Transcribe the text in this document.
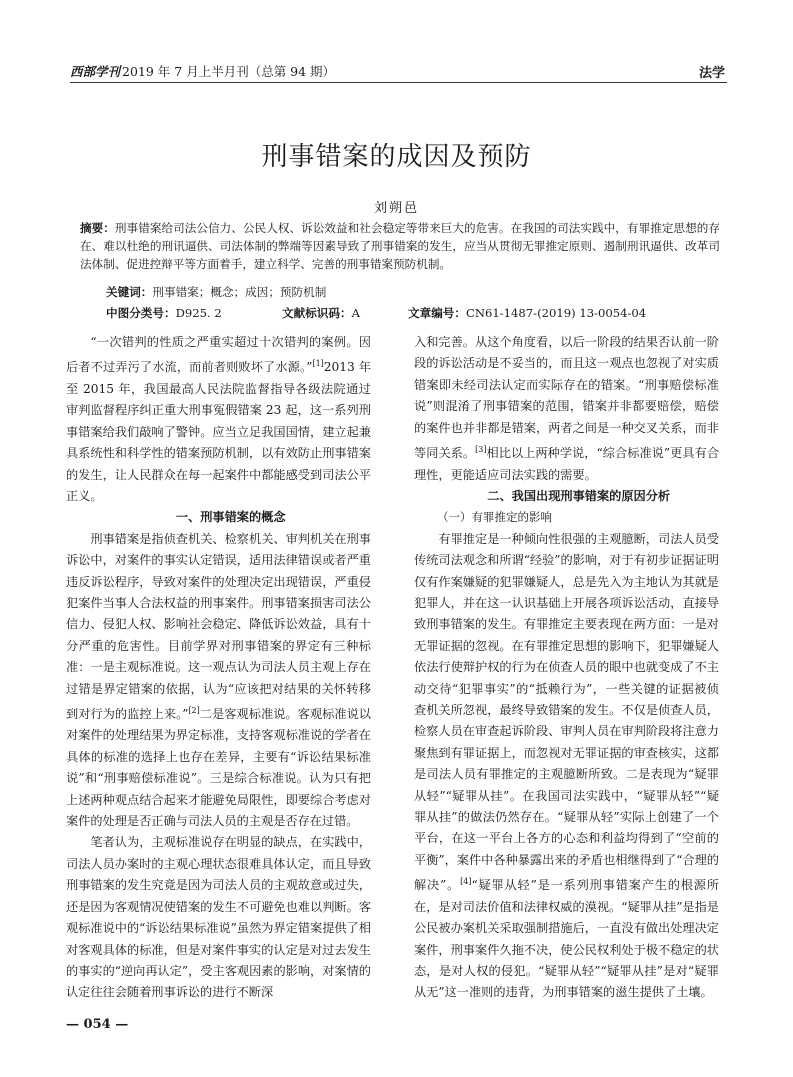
西部学刊 2019 年 7 月上半月刊（总第 94 期）	法学
刑事错案的成因及预防
刘朔邑
摘要：刑事错案给司法公信力、公民人权、诉讼效益和社会稳定等带来巨大的危害。在我国的司法实践中，有罪推定思想的存在、难以杜绝的刑讯逼供、司法体制的弊端等因素导致了刑事错案的发生，应当从贯彻无罪推定原则、遏制刑讯逼供、改革司法体制、促进控辩平等方面着手，建立科学、完善的刑事错案预防机制。
关键词：刑事错案；概念；成因；预防机制
中图分类号：D925. 2	文献标识码：A	文章编号：CN61-1487-(2019) 13-0054-04

“一次错判的性质之严重实超过十次错判的案例。因后者不过弄污了水流，而前者则败坏了水源。”[1]2013 年至 2015 年，我国最高人民法院监督指导各级法院通过审判监督程序纠正重大刑事冤假错案 23 起，这一系列刑事错案给我们敲响了警钟。应当立足我国国情，建立起兼具系统性和科学性的错案预防机制，以有效防止刑事错案的发生，让人民群众在每一起案件中都能感受到司法公平正义。

一、刑事错案的概念

刑事错案是指侦查机关、检察机关、审判机关在刑事诉讼中，对案件的事实认定错误，适用法律错误或者严重违反诉讼程序，导致对案件的处理决定出现错误，严重侵犯案件当事人合法权益的刑事案件。刑事错案损害司法公信力、侵犯人权、影响社会稳定、降低诉讼效益，具有十分严重的危害性。目前学界对刑事错案的界定有三种标准：一是主观标准说。这一观点认为司法人员主观上存在过错是界定错案的依据，认为“应该把对结果的关怀转移到对行为的监控上来。”[2]二是客观标准说。客观标准说以对案件的处理结果为界定标准，支持客观标准说的学者在具体的标准的选择上也存在差异，主要有“诉讼结果标准说”和“刑事赔偿标准说”。三是综合标准说。认为只有把上述两种观点结合起来才能避免局限性，即要综合考虑对案件的处理是否正确与司法人员的主观是否存在过错。

笔者认为，主观标准说存在明显的缺点，在实践中，司法人员办案时的主观心理状态很难具体认定，而且导致刑事错案的发生究竟是因为司法人员的主观故意或过失，还是因为客观情况使错案的发生不可避免也难以判断。客观标准说中的“诉讼结果标准说”虽然为界定错案提供了相对客观具体的标准，但是对案件事实的认定是对过去发生的事实的“逆向再认定”，受主客观因素的影响，对案情的认定往往会随着刑事诉讼的进行不断深

入和完善。从这个角度看，以后一阶段的结果否认前一阶段的诉讼活动是不妥当的，而且这一观点也忽视了对实质错案即未经司法认定而实际存在的错案。“刑事赔偿标准说”则混淆了刑事错案的范围，错案并非都要赔偿，赔偿的案件也并非都是错案，两者之间是一种交叉关系，而非等同关系。[3]相比以上两种学说，“综合标准说”更具有合理性，更能适应司法实践的需要。

二、我国出现刑事错案的原因分析

（一）有罪推定的影响

有罪推定是一种倾向性很强的主观臆断，司法人员受传统司法观念和所谓“经验”的影响，对于有初步证据证明仅有作案嫌疑的犯罪嫌疑人，总是先入为主地认为其就是犯罪人，并在这一认识基础上开展各项诉讼活动，直接导致刑事错案的发生。有罪推定主要表现在两方面：一是对无罪证据的忽视。在有罪推定思想的影响下，犯罪嫌疑人依法行使辩护权的行为在侦查人员的眼中也就变成了不主动交待“犯罪事实”的“抵赖行为”，一些关键的证据被侦查机关所忽视，最终导致错案的发生。不仅是侦查人员，检察人员在审查起诉阶段、审判人员在审判阶段将注意力聚焦到有罪证据上，而忽视对无罪证据的审查核实，这都是司法人员有罪推定的主观臆断所致。二是表现为“疑罪从轻”“疑罪从挂”。在我国司法实践中，“疑罪从轻”“疑罪从挂”的做法仍然存在。“疑罪从轻”实际上创建了一个平台，在这一平台上各方的心态和利益均得到了“空前的平衡”，案件中各种暴露出来的矛盾也相继得到了“合理的解决”。[4]“疑罪从轻”是一系列刑事错案产生的根源所在，是对司法价值和法律权威的漠视。“疑罪从挂”是指是公民被办案机关采取强制措施后，一直没有做出处理决定案件，刑事案件久拖不决，使公民权利处于极不稳定的状态，是对人权的侵犯。“疑罪从轻”“疑罪从挂”是对“疑罪从无”这一准则的违背，为刑事错案的滋生提供了土壤。

— 054 —
